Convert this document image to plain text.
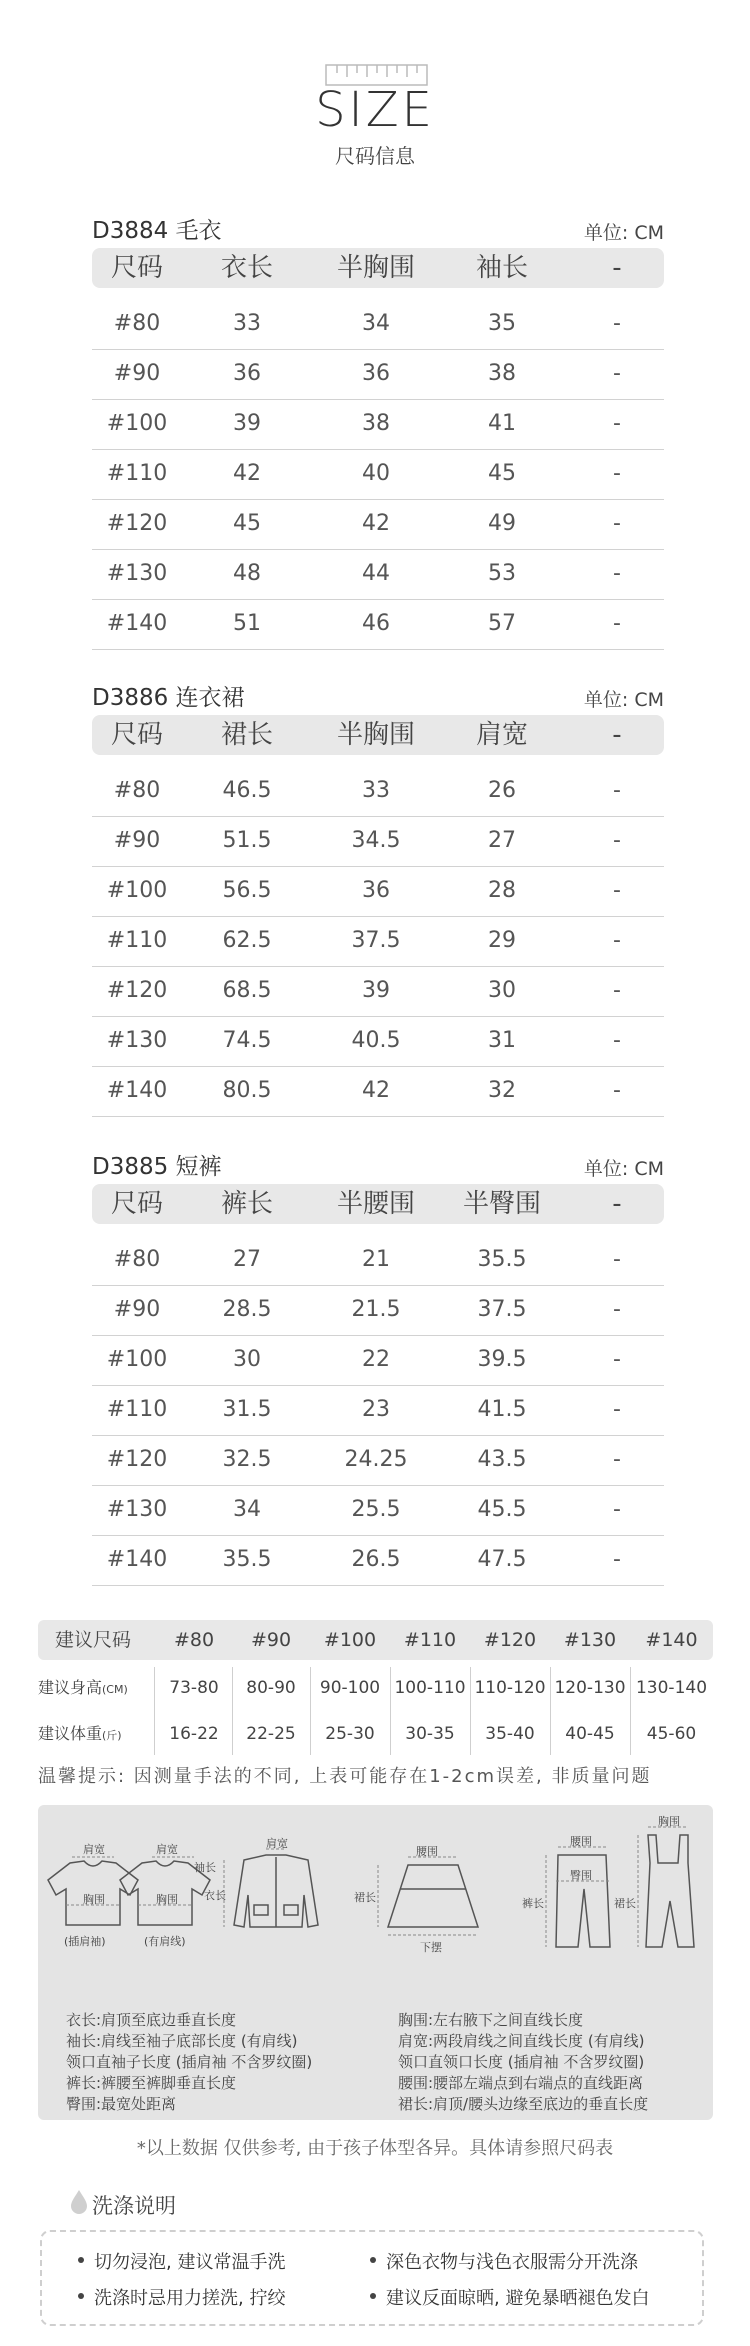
SIZE
尺码信息
D3884 毛衣	单位: CM
尺码	衣长	半胸围	袖长	-
#80	33	34	35	-
#90	36	36	38	-
#100	39	38	41	-
#110	42	40	45	-
#120	45	42	49	-
#130	48	44	53	-
#140	51	46	57	-
D3886 连衣裙	单位: CM
尺码	裙长	半胸围	肩宽	-
#80	46.5	33	26	-
#90	51.5	34.5	27	-
#100	56.5	36	28	-
#110	62.5	37.5	29	-
#120	68.5	39	30	-
#130	74.5	40.5	31	-
#140	80.5	42	32	-
D3885 短裤	单位: CM
尺码	裤长	半腰围	半臀围	-
#80	27	21	35.5	-
#90	28.5	21.5	37.5	-
#100	30	22	39.5	-
#110	31.5	23	41.5	-
#120	32.5	24.25	43.5	-
#130	34	25.5	45.5	-
#140	35.5	26.5	47.5	-
建议尺码	#80	#90	#100	#110	#120	#130	#140
建议身高(CM)	73-80	80-90	90-100 100-110 110-120 120-130 130-140
建议体重(斤)	16-22	22-25	25-30	30-35	35-40	40-45	45-60
温馨提示: 因测量手法的不同, 上表可能存在1-2cm误差, 非质量问题
肩宽
胸围
肩宽
胸围
袖长
(插肩袖)	(有肩线)
肩宽
衣长
腰围
下摆
裙长
腰围
臀围
裤长
胸围
裙长
衣长:肩顶至底边垂直长度
袖长:肩线至袖子底部长度 (有肩线)
领口直袖子长度 (插肩袖 不含罗纹圈)
裤长:裤腰至裤脚垂直长度
臀围:最宽处距离
胸围:左右腋下之间直线长度
肩宽:两段肩线之间直线长度 (有肩线)
领口直领口长度 (插肩袖 不含罗纹圈)
腰围:腰部左端点到右端点的直线距离
裙长:肩顶/腰头边缘至底边的垂直长度
*以上数据 仅供参考, 由于孩子体型各异。具体请参照尺码表
洗涤说明
切勿浸泡, 建议常温手洗	深色衣物与浅色衣服需分开洗涤
洗涤时忌用力搓洗, 拧绞	建议反面晾晒, 避免暴晒褪色发白
